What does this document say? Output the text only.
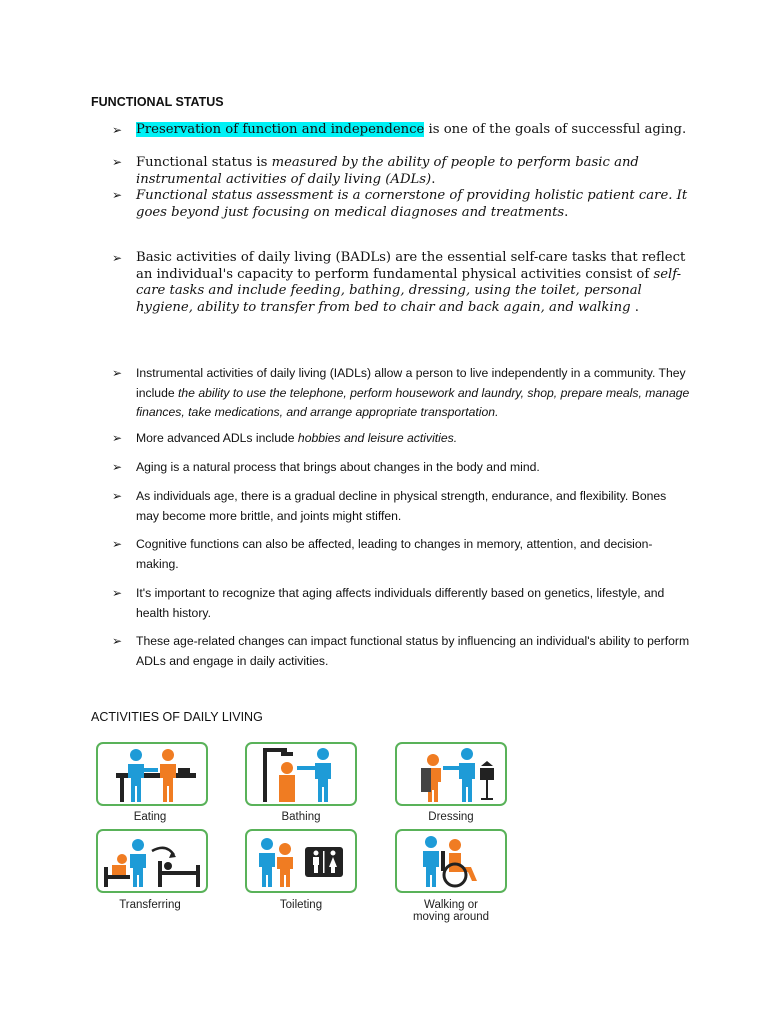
FUNCTIONAL STATUS
➢	Preservation of function and independence is one of the goals of successful aging.
➢	Functional status is measured by the ability of people to perform basic and instrumental activities of daily living (ADLs).
➢	Functional status assessment is a cornerstone of providing holistic patient care. It goes beyond just focusing on medical diagnoses and treatments.
➢	Basic activities of daily living (BADLs) are the essential self-care tasks that reflect an individual's capacity to perform fundamental physical activities consist of self-care tasks and include feeding, bathing, dressing, using the toilet, personal hygiene, ability to transfer from bed to chair and back again, and walking .
➢	Instrumental activities of daily living (IADLs) allow a person to live independently in a community. They include the ability to use the telephone, perform housework and laundry, shop, prepare meals, manage finances, take medications, and arrange appropriate transportation.
➢	More advanced ADLs include hobbies and leisure activities.
➢	Aging is a natural process that brings about changes in the body and mind.
➢	As individuals age, there is a gradual decline in physical strength, endurance, and flexibility. Bones may become more brittle, and joints might stiffen.
➢	Cognitive functions can also be affected, leading to changes in memory, attention, and decision-making.
➢	It's important to recognize that aging affects individuals differently based on genetics, lifestyle, and health history.
➢	These age-related changes can impact functional status by influencing an individual's ability to perform ADLs and engage in daily activities.
ACTIVITIES OF DAILY LIVING
Eating	Bathing	Dressing
Transferring	Toileting	Walking or
moving around
